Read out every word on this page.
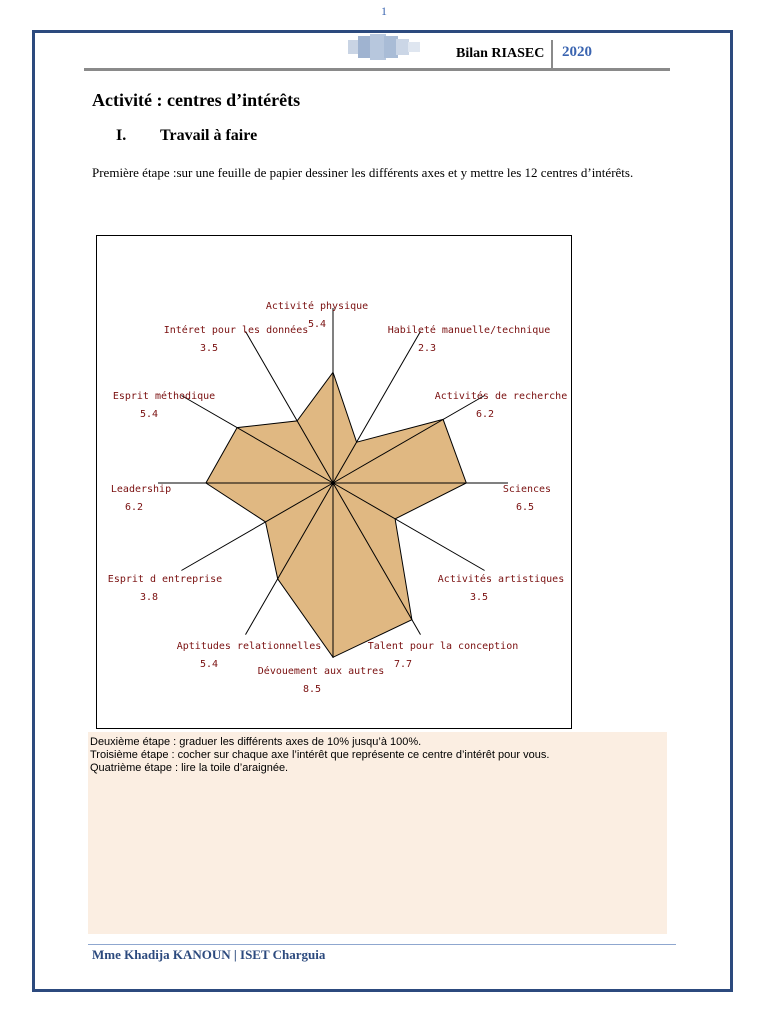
1
Bilan RIASEC 2020
Activité : centres d’intérêts
I. Travail à faire
Première étape :sur une feuille de papier dessiner les différents axes et y mettre les 12 centres d’intérêts.
Activité physique
5.4
Habileté manuelle/technique
2.3
Activités de recherche
6.2
Sciences
6.5
Activités artistiques
3.5
Talent pour la conception
7.7
Dévouement aux autres
8.5
Aptitudes relationnelles
5.4
Esprit d entreprise
3.8
Leadership
6.2
Esprit méthodique
5.4
Intéret pour les données
3.5
Deuxième étape : graduer les différents axes de 10% jusqu’à 100%.
Troisième étape : cocher sur chaque axe l’intérêt que représente ce centre d’intérêt pour vous.
Quatrième étape : lire la toile d’araignée.
Mme Khadija KANOUN | ISET Charguia
